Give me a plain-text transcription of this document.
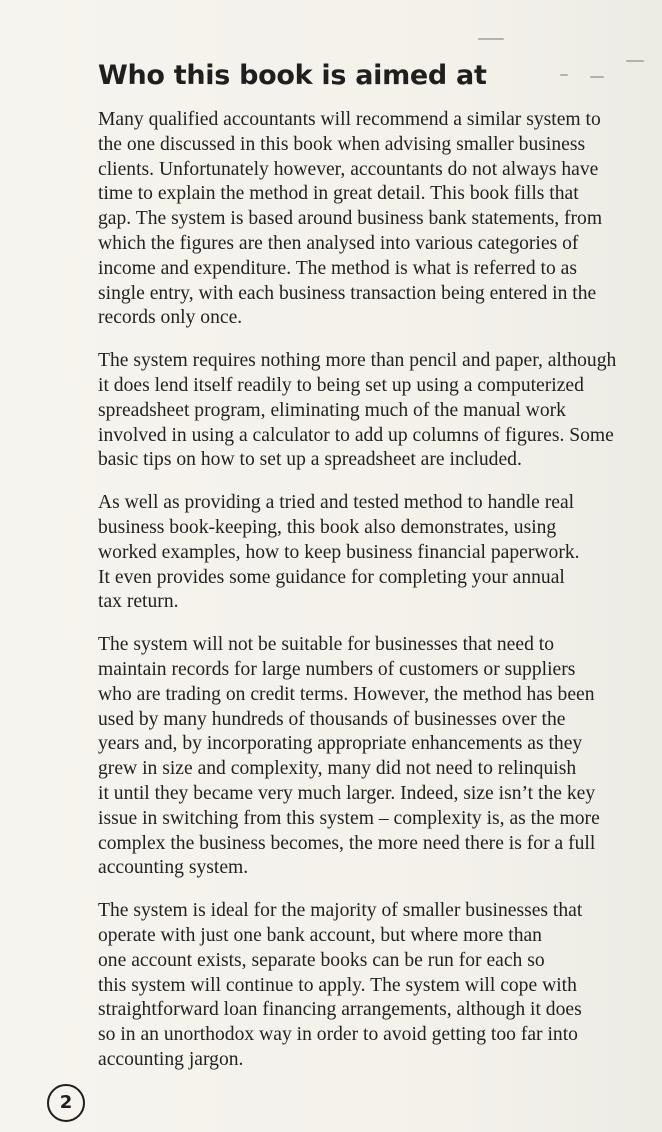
Who this book is aimed at

Many qualified accountants will recommend a similar system to
the one discussed in this book when advising smaller business
clients. Unfortunately however, accountants do not always have
time to explain the method in great detail. This book fills that
gap. The system is based around business bank statements, from
which the figures are then analysed into various categories of
income and expenditure. The method is what is referred to as
single entry, with each business transaction being entered in the
records only once.

The system requires nothing more than pencil and paper, although
it does lend itself readily to being set up using a computerized
spreadsheet program, eliminating much of the manual work
involved in using a calculator to add up columns of figures. Some
basic tips on how to set up a spreadsheet are included.

As well as providing a tried and tested method to handle real
business book-keeping, this book also demonstrates, using
worked examples, how to keep business financial paperwork.
It even provides some guidance for completing your annual
tax return.

The system will not be suitable for businesses that need to
maintain records for large numbers of customers or suppliers
who are trading on credit terms. However, the method has been
used by many hundreds of thousands of businesses over the
years and, by incorporating appropriate enhancements as they
grew in size and complexity, many did not need to relinquish
it until they became very much larger. Indeed, size isn’t the key
issue in switching from this system – complexity is, as the more
complex the business becomes, the more need there is for a full
accounting system.

The system is ideal for the majority of smaller businesses that
operate with just one bank account, but where more than
one account exists, separate books can be run for each so
this system will continue to apply. The system will cope with
straightforward loan financing arrangements, although it does
so in an unorthodox way in order to avoid getting too far into
accounting jargon.

2
